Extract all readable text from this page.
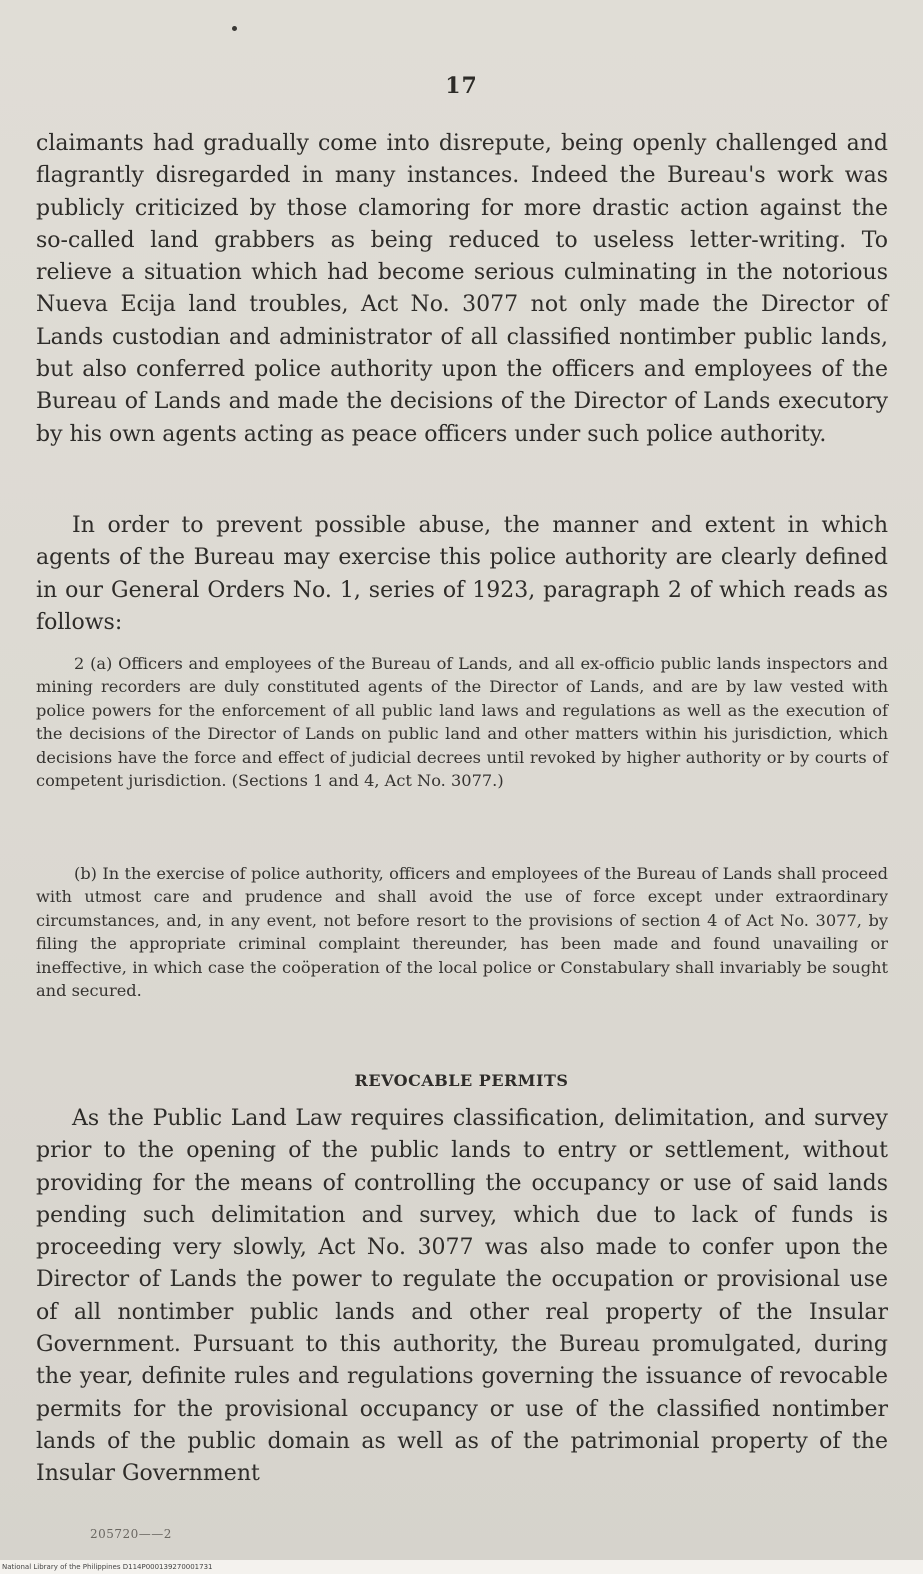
17

claimants had gradually come into disrepute, being openly challenged and flagrantly disregarded in many instances. Indeed the Bureau's work was publicly criticized by those clamoring for more drastic action against the so-called land grabbers as being reduced to useless letter-writing. To relieve a situation which had become serious culminating in the notorious Nueva Ecija land troubles, Act No. 3077 not only made the Director of Lands custodian and administrator of all classified nontimber public lands, but also conferred police authority upon the officers and employees of the Bureau of Lands and made the decisions of the Director of Lands executory by his own agents acting as peace officers under such police authority.

In order to prevent possible abuse, the manner and extent in which agents of the Bureau may exercise this police authority are clearly defined in our General Orders No. 1, series of 1923, paragraph 2 of which reads as follows:

2 (a) Officers and employees of the Bureau of Lands, and all ex-officio public lands inspectors and mining recorders are duly constituted agents of the Director of Lands, and are by law vested with police powers for the enforcement of all public land laws and regulations as well as the execution of the decisions of the Director of Lands on public land and other matters within his jurisdiction, which decisions have the force and effect of judicial decrees until revoked by higher authority or by courts of competent jurisdiction. (Sections 1 and 4, Act No. 3077.)

(b) In the exercise of police authority, officers and employees of the Bureau of Lands shall proceed with utmost care and prudence and shall avoid the use of force except under extraordinary circumstances, and, in any event, not before resort to the provisions of section 4 of Act No. 3077, by filing the appropriate criminal complaint thereunder, has been made and found unavailing or ineffective, in which case the coöperation of the local police or Constabulary shall invariably be sought and secured.

REVOCABLE PERMITS

As the Public Land Law requires classification, delimitation, and survey prior to the opening of the public lands to entry or settlement, without providing for the means of controlling the occupancy or use of said lands pending such delimitation and survey, which due to lack of funds is proceeding very slowly, Act No. 3077 was also made to confer upon the Director of Lands the power to regulate the occupation or provisional use of all nontimber public lands and other real property of the Insular Government. Pursuant to this authority, the Bureau promulgated, during the year, definite rules and regulations governing the issuance of revocable permits for the provisional occupancy or use of the classified nontimber lands of the public domain as well as of the patrimonial property of the Insular Government

205720——2
National Library of the Philippines D114P000139270001731
